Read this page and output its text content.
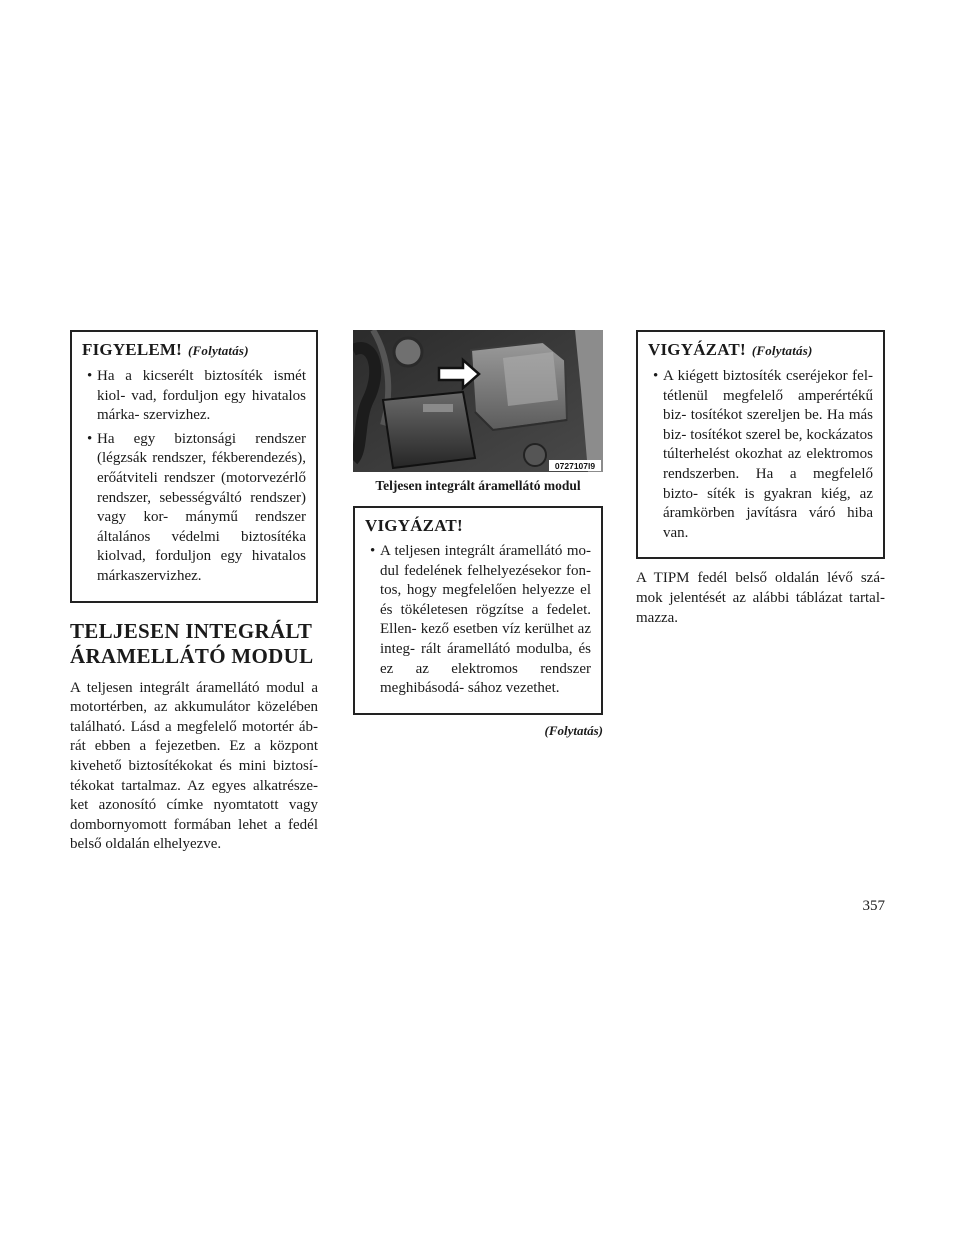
FIGYELEM! (Folytatás)
• Ha a kicserélt biztosíték ismét kiol- vad, forduljon egy hivatalos márka- szervizhez.
• Ha egy biztonsági rendszer (légzsák rendszer, fékberendezés), erőátviteli rendszer (motorvezérlő rendszer, sebességváltó rendszer) vagy kor- mánymű rendszer általános védelmi biztosítéka kiolvad, forduljon egy hivatalos márkaszervizhez.
TELJESEN INTEGRÁLT
ÁRAMELLÁTÓ MODUL

A teljesen integrált áramellátó modul a motortérben, az akkumulátor közelében található. Lásd a megfelelő motortér áb- rát ebben a fejezetben. Ez a központ kivehető biztosítékokat és mini biztosí- tékokat tartalmaz. Az egyes alkatrésze- ket azonosító címke nyomtatott vagy dombornyomott formában lehet a fedél belső oldalán elhelyezve.

0727107l9
Teljesen integrált áramellátó modul
VIGYÁZAT!
• A teljesen integrált áramellátó mo- dul fedelének felhelyezésekor fon- tos, hogy megfelelően helyezze el és tökéletesen rögzítse a fedelet. Ellen- kező esetben víz kerülhet az integ- rált áramellátó modulba, és ez az elektromos rendszer meghibásodá- sához vezethet.
(Folytatás)
VIGYÁZAT! (Folytatás)
• A kiégett biztosíték cseréjekor fel- tétlenül megfelelő amperértékű biz- tosítékot szereljen be. Ha más biz- tosítékot szerel be, kockázatos túlterhelést okozhat az elektromos rendszerben. Ha a megfelelő bizto- síték is gyakran kiég, az áramkörben javításra váró hiba van.

A TIPM fedél belső oldalán lévő szá- mok jelentését az alábbi táblázat tartal- mazza.

357
